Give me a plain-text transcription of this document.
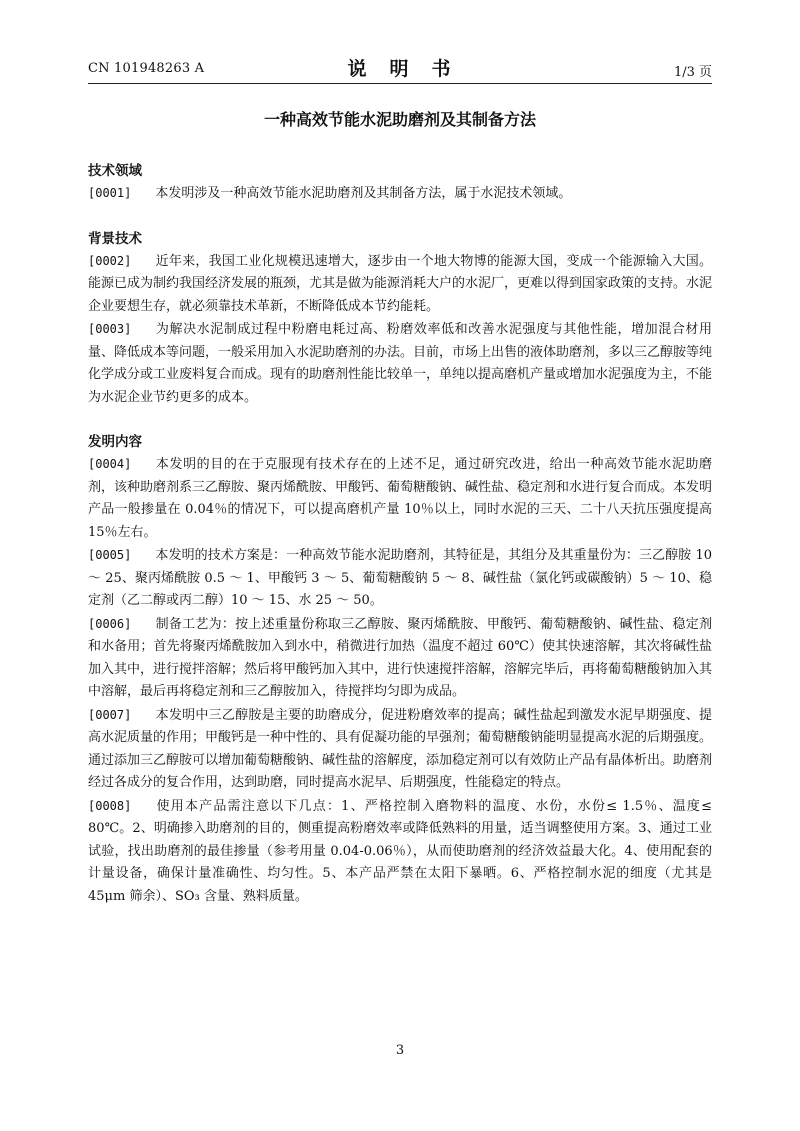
CN 101948263 A	说　明　书	1/3 页
一种高效节能水泥助磨剂及其制备方法

技术领域

[0001] 本发明涉及一种高效节能水泥助磨剂及其制备方法，属于水泥技术领域。

背景技术

[0002] 近年来，我国工业化规模迅速增大，逐步由一个地大物博的能源大国，变成一个能源输入大国。能源已成为制约我国经济发展的瓶颈，尤其是做为能源消耗大户的水泥厂，更难以得到国家政策的支持。水泥企业要想生存，就必须靠技术革新，不断降低成本节约能耗。

[0003] 为解决水泥制成过程中粉磨电耗过高、粉磨效率低和改善水泥强度与其他性能，增加混合材用量、降低成本等问题，一般采用加入水泥助磨剂的办法。目前，市场上出售的液体助磨剂，多以三乙醇胺等纯化学成分或工业废料复合而成。现有的助磨剂性能比较单一，单纯以提高磨机产量或增加水泥强度为主，不能为水泥企业节约更多的成本。

发明内容

[0004] 本发明的目的在于克服现有技术存在的上述不足，通过研究改进，给出一种高效节能水泥助磨剂，该种助磨剂系三乙醇胺、聚丙烯酰胺、甲酸钙、葡萄糖酸钠、碱性盐、稳定剂和水进行复合而成。本发明产品一般掺量在 0.04％的情况下，可以提高磨机产量 10％以上，同时水泥的三天、二十八天抗压强度提高 15％左右。

[0005] 本发明的技术方案是：一种高效节能水泥助磨剂，其特征是，其组分及其重量份为：三乙醇胺 10 ～ 25、聚丙烯酰胺 0.5 ～ 1、甲酸钙 3 ～ 5、葡萄糖酸钠 5 ～ 8、碱性盐（氯化钙或碳酸钠）5 ～ 10、稳定剂（乙二醇或丙二醇）10 ～ 15、水 25 ～ 50。

[0006] 制备工艺为：按上述重量份称取三乙醇胺、聚丙烯酰胺、甲酸钙、葡萄糖酸钠、碱性盐、稳定剂和水备用；首先将聚丙烯酰胺加入到水中，稍微进行加热（温度不超过 60℃）使其快速溶解，其次将碱性盐加入其中，进行搅拌溶解；然后将甲酸钙加入其中，进行快速搅拌溶解，溶解完毕后，再将葡萄糖酸钠加入其中溶解，最后再将稳定剂和三乙醇胺加入，待搅拌均匀即为成品。

[0007] 本发明中三乙醇胺是主要的助磨成分，促进粉磨效率的提高；碱性盐起到激发水泥早期强度、提高水泥质量的作用；甲酸钙是一种中性的、具有促凝功能的早强剂；葡萄糖酸钠能明显提高水泥的后期强度。通过添加三乙醇胺可以增加葡萄糖酸钠、碱性盐的溶解度，添加稳定剂可以有效防止产品有晶体析出。助磨剂经过各成分的复合作用，达到助磨，同时提高水泥早、后期强度，性能稳定的特点。

[0008] 使用本产品需注意以下几点：1、严格控制入磨物料的温度、水份，水份≤ 1.5％、温度≤ 80℃。2、明确掺入助磨剂的目的，侧重提高粉磨效率或降低熟料的用量，适当调整使用方案。3、通过工业试验，找出助磨剂的最佳掺量（参考用量 0.04-0.06％），从而使助磨剂的经济效益最大化。4、使用配套的计量设备，确保计量准确性、均匀性。5、本产品严禁在太阳下暴晒。6、严格控制水泥的细度（尤其是 45μm 筛余）、SO₃ 含量、熟料质量。

3
